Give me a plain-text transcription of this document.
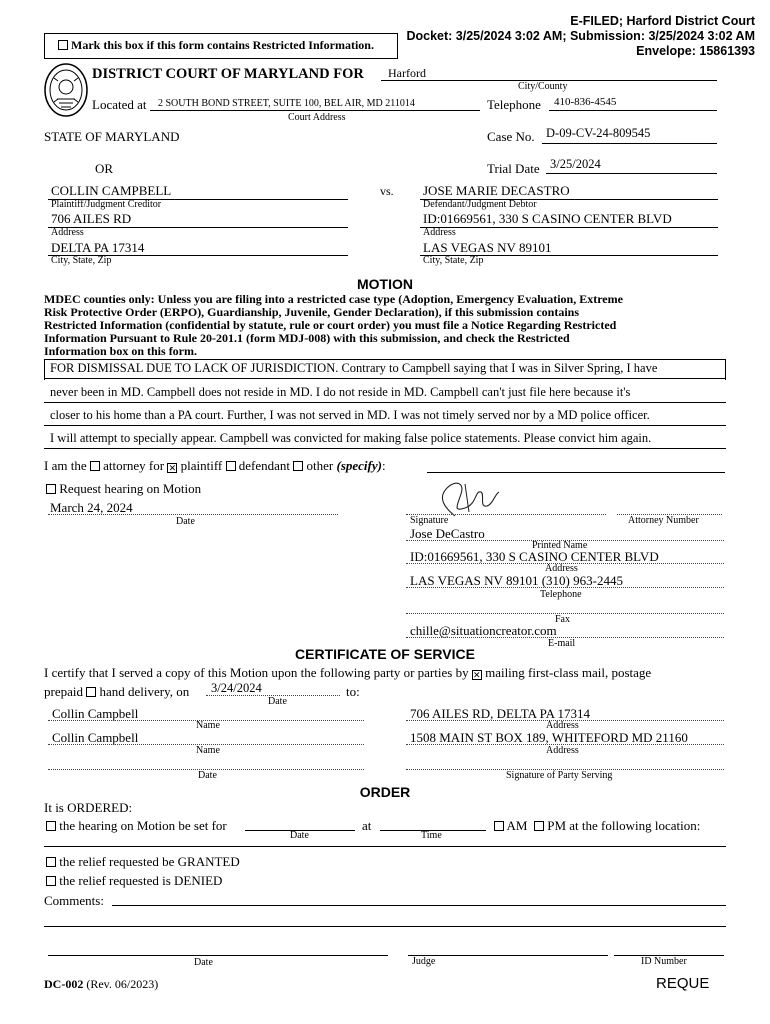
E-FILED; Harford District Court
Docket: 3/25/2024 3:02 AM; Submission: 3/25/2024 3:02 AM
Envelope: 15861393
Mark this box if this form contains Restricted Information.
DISTRICT COURT OF MARYLAND FOR Harford
City/County
Located at 2 SOUTH BOND STREET, SUITE 100, BEL AIR, MD 211014
Court Address
Telephone 410-836-4545
STATE OF MARYLAND	Case No. D-09-CV-24-809545
OR	Trial Date 3/25/2024
COLLIN CAMPBELL
Plaintiff/Judgment Creditor
vs. JOSE MARIE DECASTRO
Defendant/Judgment Debtor
706 AILES RD
Address
ID:01669561, 330 S CASINO CENTER BLVD
Address
DELTA PA 17314
City, State, Zip
LAS VEGAS NV 89101
City, State, Zip
MOTION
MDEC counties only: Unless you are filing into a restricted case type (Adoption, Emergency Evaluation, Extreme
Risk Protective Order (ERPO), Guardianship, Juvenile, Gender Declaration), if this submission contains
Restricted Information (confidential by statute, rule or court order) you must file a Notice Regarding Restricted
Information Pursuant to Rule 20-201.1 (form MDJ-008) with this submission, and check the Restricted
Information box on this form.
FOR DISMISSAL DUE TO LACK OF JURISDICTION. Contrary to Campbell saying that I was in Silver Spring, I have
never been in MD. Campbell does not reside in MD. I do not reside in MD. Campbell can't just file here because it's
closer to his home than a PA court. Further, I was not served in MD. I was not timely served nor by a MD police officer.
I will attempt to specially appear. Campbell was convicted for making false police statements. Please convict him again.
I am the attorney for ✕ plaintiff defendant other (specify):
Request hearing on Motion
March 24, 2024
Date	Signature	Attorney Number
Jose DeCastro
Printed Name
ID:01669561, 330 S CASINO CENTER BLVD
Address
LAS VEGAS NV 89101 (310) 963-2445
Telephone
Fax
chille@situationcreator.com
E-mail
CERTIFICATE OF SERVICE
I certify that I served a copy of this Motion upon the following party or parties by ✕ mailing first-class mail, postage
prepaid hand delivery, on 3/24/2024
Date
to:
Collin Campbell
Name
706 AILES RD, DELTA PA 17314
Address
Collin Campbell
Name
1508 MAIN ST BOX 189, WHITEFORD MD 21160
Address
Date	Signature of Party Serving
ORDER
It is ORDERED:
the hearing on Motion be set for
Date
at
Time
AM PM at the following location:
the relief requested be GRANTED
the relief requested is DENIED
Comments:
Date	Judge	ID Number
DC-002 (Rev. 06/2023)	REQUE
